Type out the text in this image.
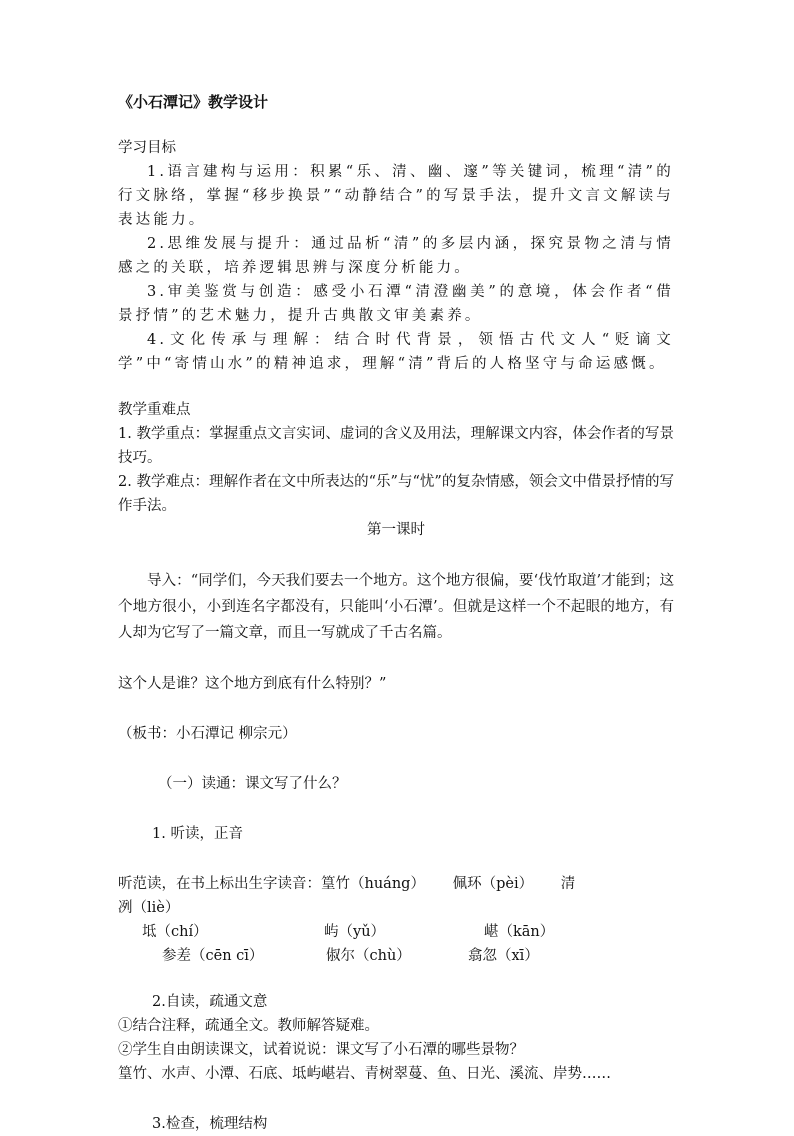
《小石潭记》教学设计
学习目标
1.语言建构与运用：积累“乐、清、幽、邃”等关键词，梳理“清”的行文脉络，掌握“移步换景”“动静结合”的写景手法，提升文言文解读与表达能力。
2.思维发展与提升：通过品析“清”的多层内涵，探究景物之清与情感之的关联，培养逻辑思辨与深度分析能力。
3.审美鉴赏与创造：感受小石潭“清澄幽美”的意境，体会作者“借景抒情”的艺术魅力，提升古典散文审美素养。
4.文化传承与理解：结合时代背景，领悟古代文人“贬谪文学”中“寄情山水”的精神追求，理解“清”背后的人格坚守与命运感慨。
教学重难点
1. 教学重点：掌握重点文言实词、虚词的含义及用法，理解课文内容，体会作者的写景技巧。
2. 教学难点：理解作者在文中所表达的“乐”与“忧”的复杂情感，领会文中借景抒情的写作手法。
第一课时
导入：“同学们，今天我们要去一个地方。这个地方很偏，要‘伐竹取道’才能到；这个地方很小，小到连名字都没有，只能叫‘小石潭’。但就是这样一个不起眼的地方，有人却为它写了一篇文章，而且一写就成了千古名篇。
这个人是谁？这个地方到底有什么特别？”
（板书：小石潭记 柳宗元）
（一）读通：课文写了什么？
1. 听读，正音
听范读，在书上标出生字读音：篁竹（huáng）      佩环（pèi）      清
冽（liè）
坻（chí）	屿（yǔ）	嵁（kān）
参差（cēn cī）	俶尔（chù）	翕忽（xī）
2.自读，疏通文意
①结合注释，疏通全文。教师解答疑难。
②学生自由朗读课文，试着说说：课文写了小石潭的哪些景物？
篁竹、水声、小潭、石底、坻屿嵁岩、青树翠蔓、鱼、日光、溪流、岸势……
3.检查，梳理结构
